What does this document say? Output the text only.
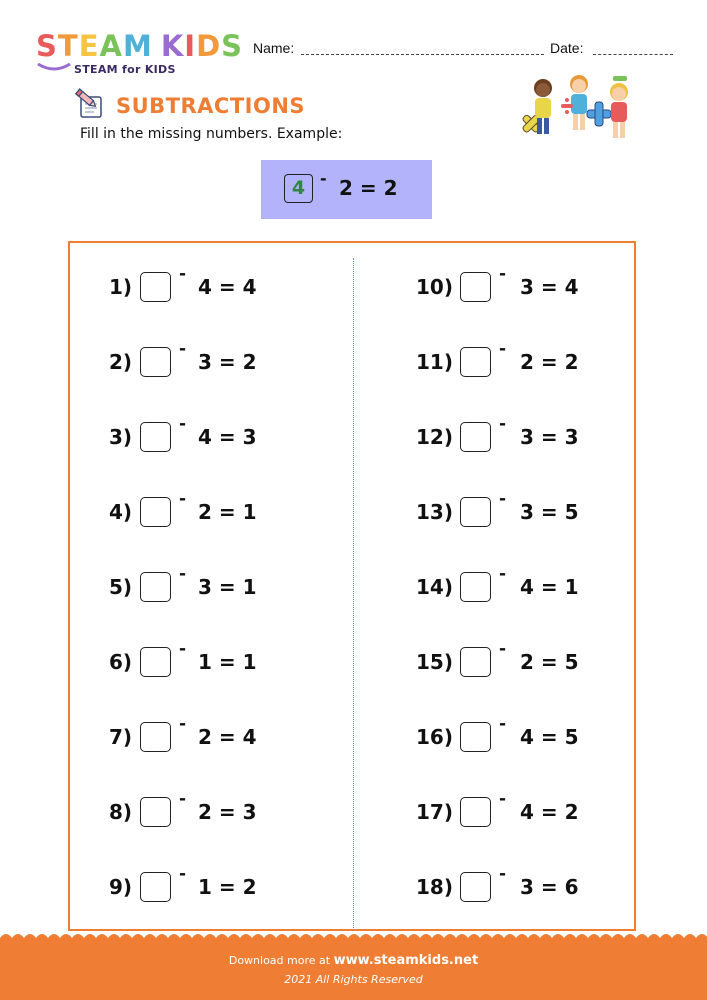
STEAM KIDS
STEAM for KIDS
Name:	Date:
SUBTRACTIONS
Fill in the missing numbers. Example:
4 - 2 = 2
1)
-
4 = 4
2)
-
3 = 2
3)
-
4 = 3
4)
-
2 = 1
5)
-
3 = 1
6)
-
1 = 1
7)
-
2 = 4
8)
-
2 = 3
9)
-
1 = 2
10)
-
3 = 4
11)
-
2 = 2
12)
-
3 = 3
13)
-
3 = 5
14)
-
4 = 1
15)
-
2 = 5
16)
-
4 = 5
17)
-
4 = 2
18)
-
3 = 6
Download more at www.steamkids.net
2021 All Rights Reserved
